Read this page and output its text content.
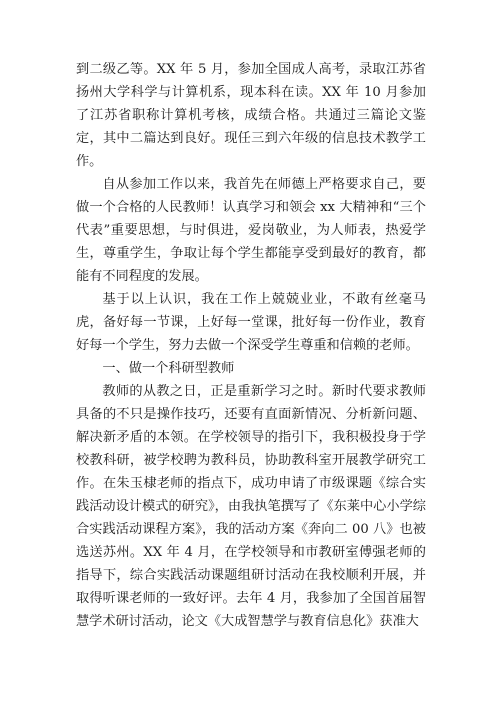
到二级乙等。XX 年 5 月，参加全国成人高考，录取江苏省扬州大学科学与计算机系，现本科在读。XX 年 10 月参加了江苏省职称计算机考核，成绩合格。共通过三篇论文鉴定，其中二篇达到良好。现任三到六年级的信息技术教学工作。

自从参加工作以来，我首先在师德上严格要求自己，要做一个合格的人民教师！认真学习和领会 xx 大精神和“三个代表”重要思想，与时俱进，爱岗敬业，为人师表，热爱学生，尊重学生，争取让每个学生都能享受到最好的教育，都能有不同程度的发展。

基于以上认识，我在工作上兢兢业业，不敢有丝毫马虎，备好每一节课，上好每一堂课，批好每一份作业，教育好每一个学生，努力去做一个深受学生尊重和信赖的老师。

一、做一个科研型教师

教师的从教之日，正是重新学习之时。新时代要求教师具备的不只是操作技巧，还要有直面新情况、分析新问题、解决新矛盾的本领。在学校领导的指引下，我积极投身于学校教科研，被学校聘为教科员，协助教科室开展教学研究工作。在朱玉棣老师的指点下，成功申请了市级课题《综合实践活动设计模式的研究》，由我执笔撰写了《东莱中心小学综合实践活动课程方案》，我的活动方案《奔向二 00 八》也被选送苏州。XX 年 4 月，在学校领导和市教研室傅强老师的指导下，综合实践活动课题组研讨活动在我校顺利开展，并取得听课老师的一致好评。去年 4 月，我参加了全国首届智慧学术研讨活动，论文《大成智慧学与教育信息化》获准大
